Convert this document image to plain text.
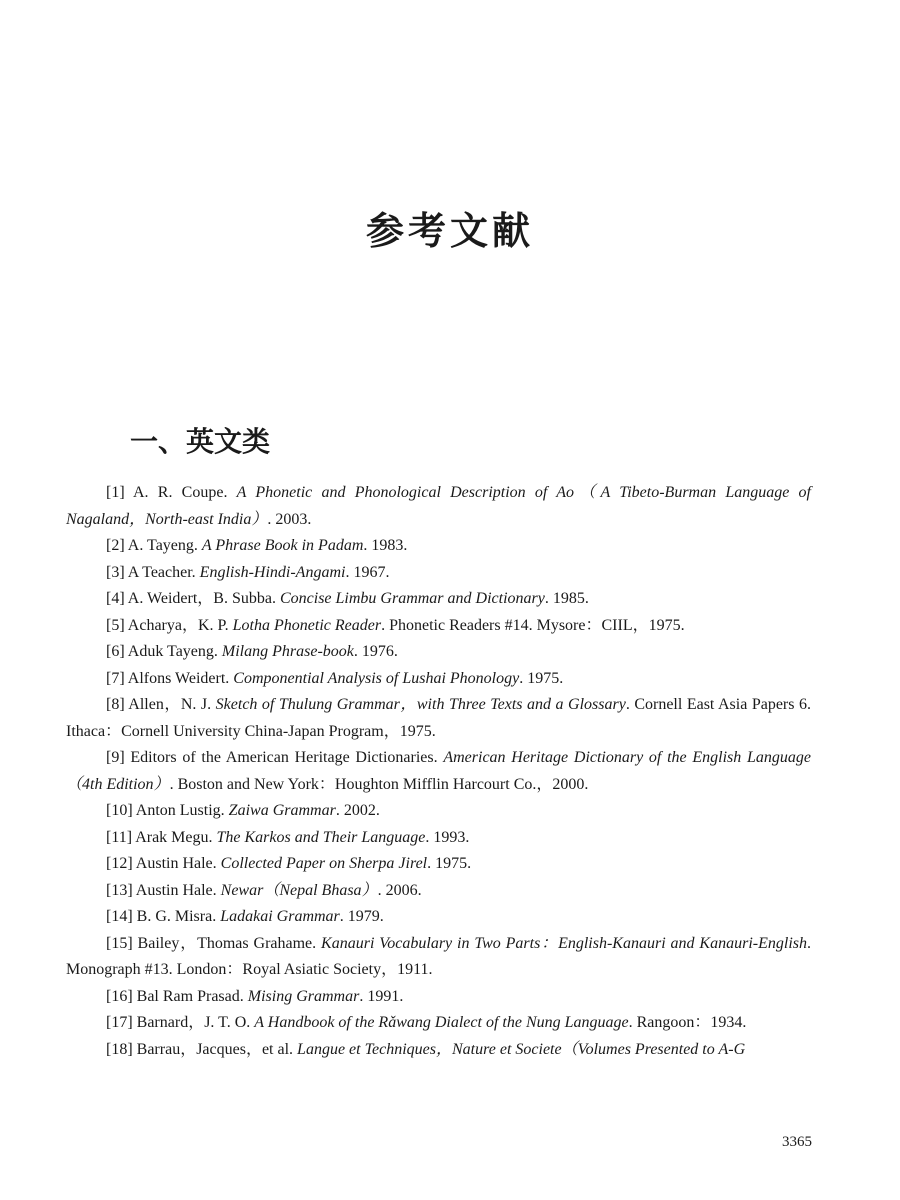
参考文献
一、英文类
[1] A. R. Coupe. A Phonetic and Phonological Description of Ao（A Tibeto-Burman Language of Nagaland，North-east India）. 2003.
[2] A. Tayeng. A Phrase Book in Padam. 1983.
[3] A Teacher. English-Hindi-Angami. 1967.
[4] A. Weidert，B. Subba. Concise Limbu Grammar and Dictionary. 1985.
[5] Acharya，K. P. Lotha Phonetic Reader. Phonetic Readers #14. Mysore：CIIL，1975.
[6] Aduk Tayeng. Milang Phrase-book. 1976.
[7] Alfons Weidert. Componential Analysis of Lushai Phonology. 1975.
[8] Allen，N. J. Sketch of Thulung Grammar，with Three Texts and a Glossary. Cornell East Asia Papers 6. Ithaca：Cornell University China-Japan Program，1975.
[9] Editors of the American Heritage Dictionaries. American Heritage Dictionary of the English Language（4th Edition）. Boston and New York：Houghton Mifflin Harcourt Co.，2000.
[10] Anton Lustig. Zaiwa Grammar. 2002.
[11] Arak Megu. The Karkos and Their Language. 1993.
[12] Austin Hale. Collected Paper on Sherpa Jirel. 1975.
[13] Austin Hale. Newar（Nepal Bhasa）. 2006.
[14] B. G. Misra. Ladakai Grammar. 1979.
[15] Bailey，Thomas Grahame. Kanauri Vocabulary in Two Parts：English-Kanauri and Kanauri-English. Monograph #13. London：Royal Asiatic Society，1911.
[16] Bal Ram Prasad. Mising Grammar. 1991.
[17] Barnard，J. T. O. A Handbook of the Rǎwang Dialect of the Nung Language. Rangoon：1934.
[18] Barrau，Jacques，et al. Langue et Techniques，Nature et Societe（Volumes Presented to A-G
3365
